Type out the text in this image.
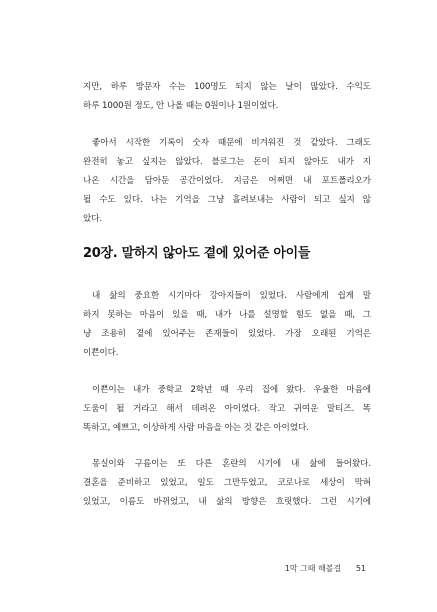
지만, 하루 방문자 수는 100명도 되지 않는 날이 많았다. 수익도
하루 1000원 정도, 안 나올 때는 0원이나 1원이었다.

좋아서 시작한 기록이 숫자 때문에 비겨워진 것 같았다. 그래도
완전히 놓고 싶지는 않았다. 블로그는 돈이 되지 않아도 내가 지
나온 시간을 담아둔 공간이었다. 지금은 어쩌면 내 포트폴리오가
될 수도 있다. 나는 기억을 그냥 흘려보내는 사람이 되고 싶지 않
았다.

20장. 말하지 않아도 곁에 있어준 아이들

내 삶의 중요한 시기마다 강아지들이 있었다. 사람에게 쉽게 말
하지 못하는 마음이 있을 때, 내가 나를 설명할 힘도 없을 때, 그
냥 조용히 곁에 있어주는 존재들이 있었다. 가장 오래된 기억은
이쁜이다.

이쁜이는 내가 중학교 2학년 때 우리 집에 왔다. 우울한 마음에
도움이 될 거라고 해서 데려온 아이였다. 작고 귀여운 말티즈. 똑
똑하고, 예쁘고, 이상하게 사람 마음을 아는 것 같은 아이였다.

몽실이와 구름이는 또 다른 혼란의 시기에 내 삶에 들어왔다.
결혼을 준비하고 있었고, 일도 그만두었고, 코로나로 세상이 막혀
있었고, 이름도 바뀌었고, 내 삶의 방향은 흐릿했다. 그런 시기에

1막 그때 해볼걸 51
